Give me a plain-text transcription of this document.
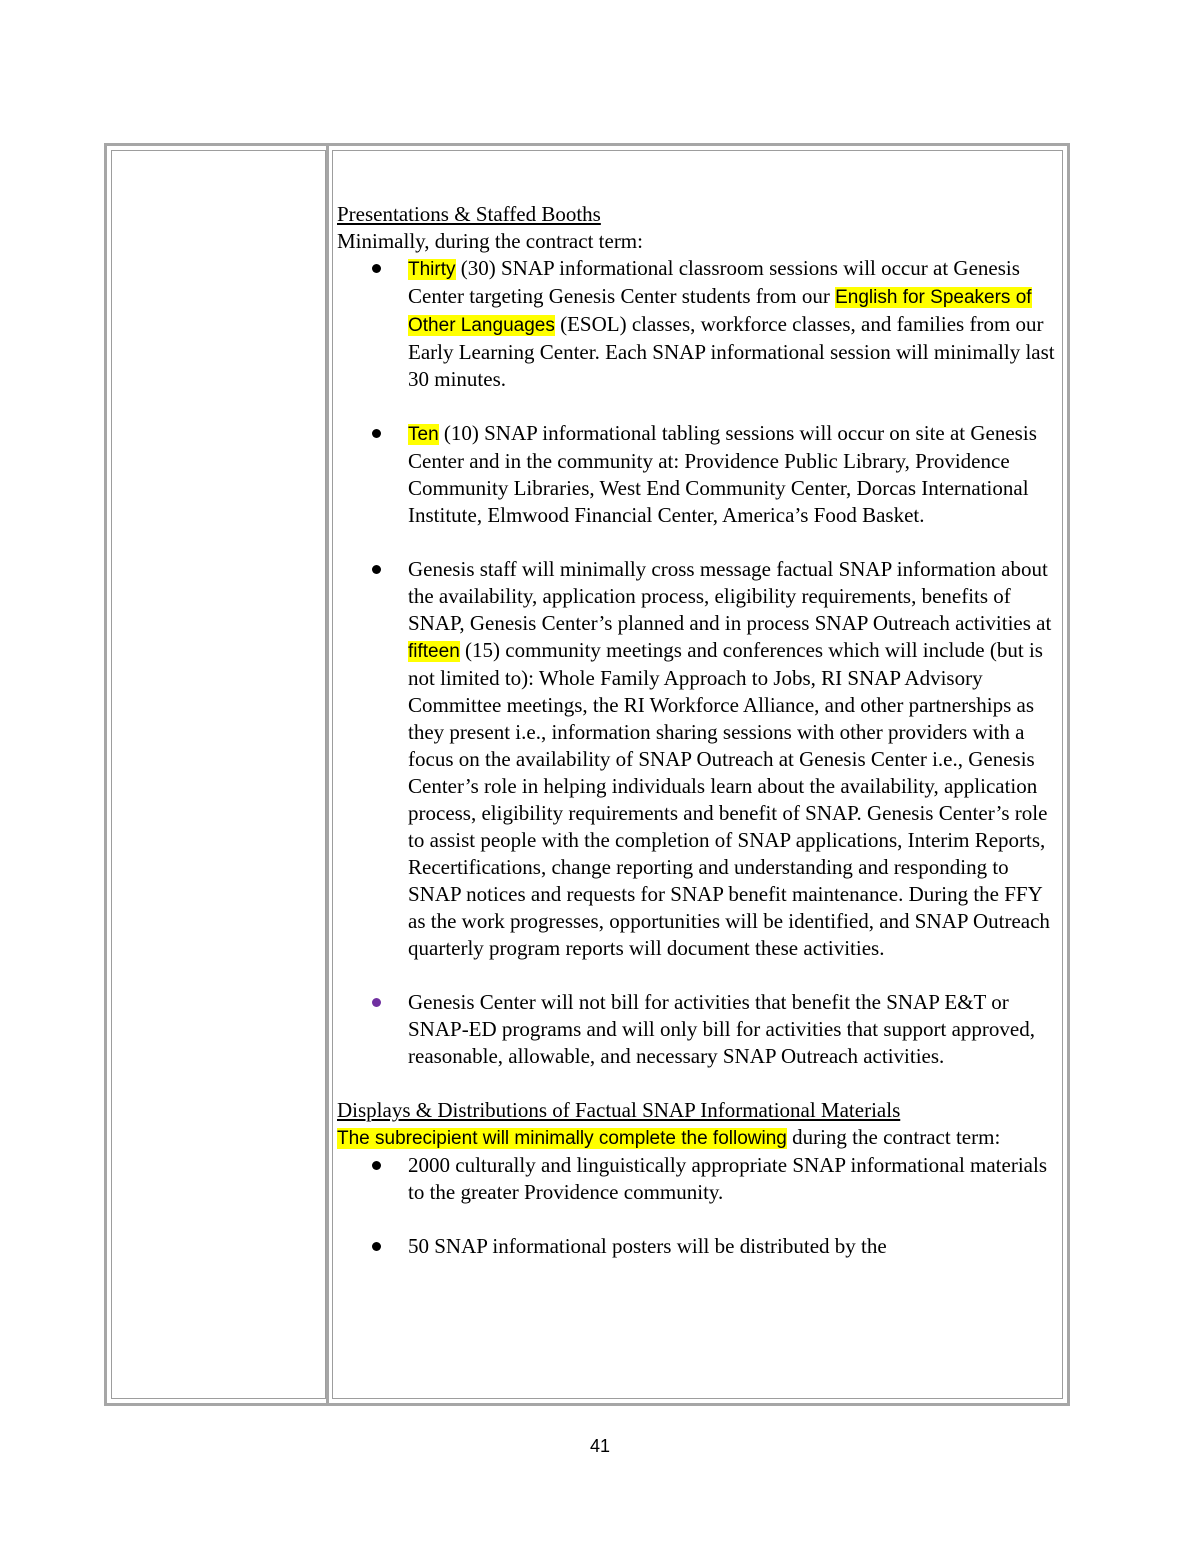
Presentations & Staffed Booths
Minimally, during the contract term:
Thirty (30) SNAP informational classroom sessions will occur at Genesis Center targeting Genesis Center students from our English for Speakers of Other Languages (ESOL) classes, workforce classes, and families from our Early Learning Center. Each SNAP informational session will minimally last 30 minutes.
Ten (10) SNAP informational tabling sessions will occur on site at Genesis Center and in the community at: Providence Public Library, Providence Community Libraries, West End Community Center, Dorcas International Institute, Elmwood Financial Center, America’s Food Basket.
Genesis staff will minimally cross message factual SNAP information about the availability, application process, eligibility requirements, benefits of SNAP, Genesis Center’s planned and in process SNAP Outreach activities at fifteen (15) community meetings and conferences which will include (but is not limited to): Whole Family Approach to Jobs, RI SNAP Advisory Committee meetings, the RI Workforce Alliance, and other partnerships as they present i.e., information sharing sessions with other providers with a focus on the availability of SNAP Outreach at Genesis Center i.e., Genesis Center’s role in helping individuals learn about the availability, application process, eligibility requirements and benefit of SNAP. Genesis Center’s role to assist people with the completion of SNAP applications, Interim Reports, Recertifications, change reporting and understanding and responding to SNAP notices and requests for SNAP benefit maintenance. During the FFY as the work progresses, opportunities will be identified, and SNAP Outreach quarterly program reports will document these activities.
Genesis Center will not bill for activities that benefit the SNAP E&T or SNAP-ED programs and will only bill for activities that support approved, reasonable, allowable, and necessary SNAP Outreach activities.
Displays & Distributions of Factual SNAP Informational Materials
The subrecipient will minimally complete the following during the contract term:
2000 culturally and linguistically appropriate SNAP informational materials to the greater Providence community.
50 SNAP informational posters will be distributed by the
41
